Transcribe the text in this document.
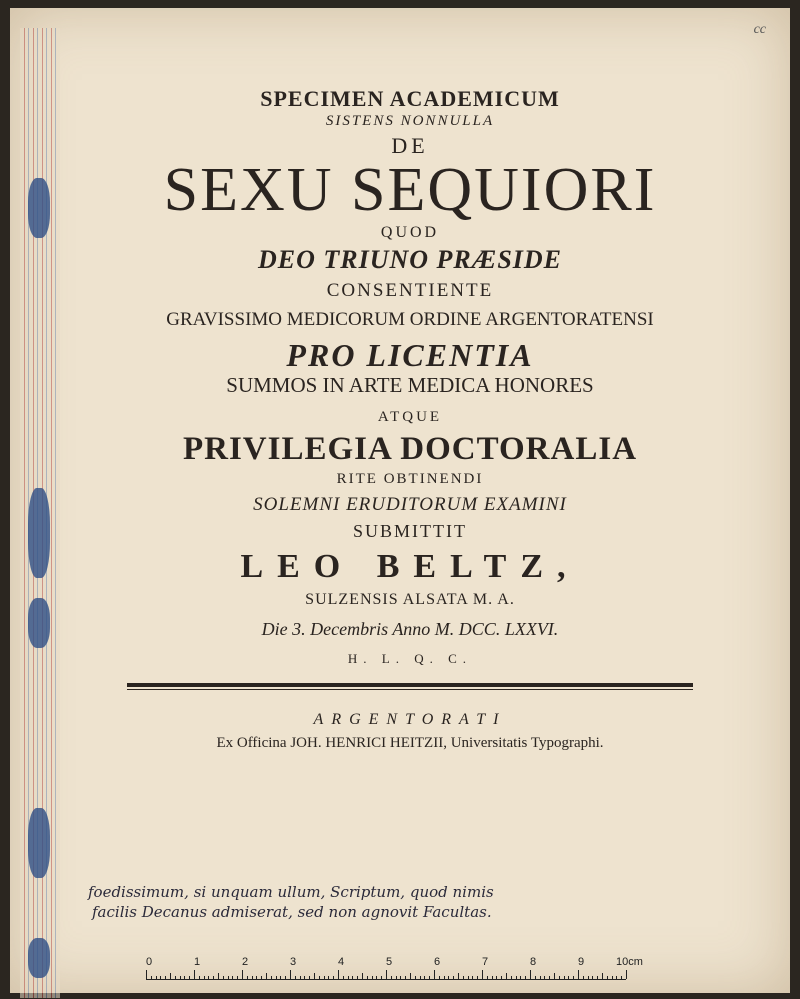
cc
SPECIMEN ACADEMICUM
SISTENS NONNULLA
DE
SEXU SEQUIORI
QUOD
DEO TRIUNO PRÆSIDE
CONSENTIENTE
GRAVISSIMO MEDICORUM ORDINE ARGENTORATENSI
PRO LICENTIA
SUMMOS IN ARTE MEDICA HONORES
ATQUE
PRIVILEGIA DOCTORALIA
RITE OBTINENDI
SOLEMNI ERUDITORUM EXAMINI
SUBMITTIT
LEO BELTZ,
SULZENSIS ALSATA M. A.
Die 3. Decembris Anno M. DCC. LXXVI.
H. L. Q. C.
ARGENTORATI
Ex Officina JOH. HENRICI HEITZII, Universitatis Typographi.
foedissimum, si unquam ullum, Scriptum, quod nimis
facilis Decanus admiserat, sed non agnovit Facultas.
0	1	2	3	4	5	6	7	8	9	10cm
